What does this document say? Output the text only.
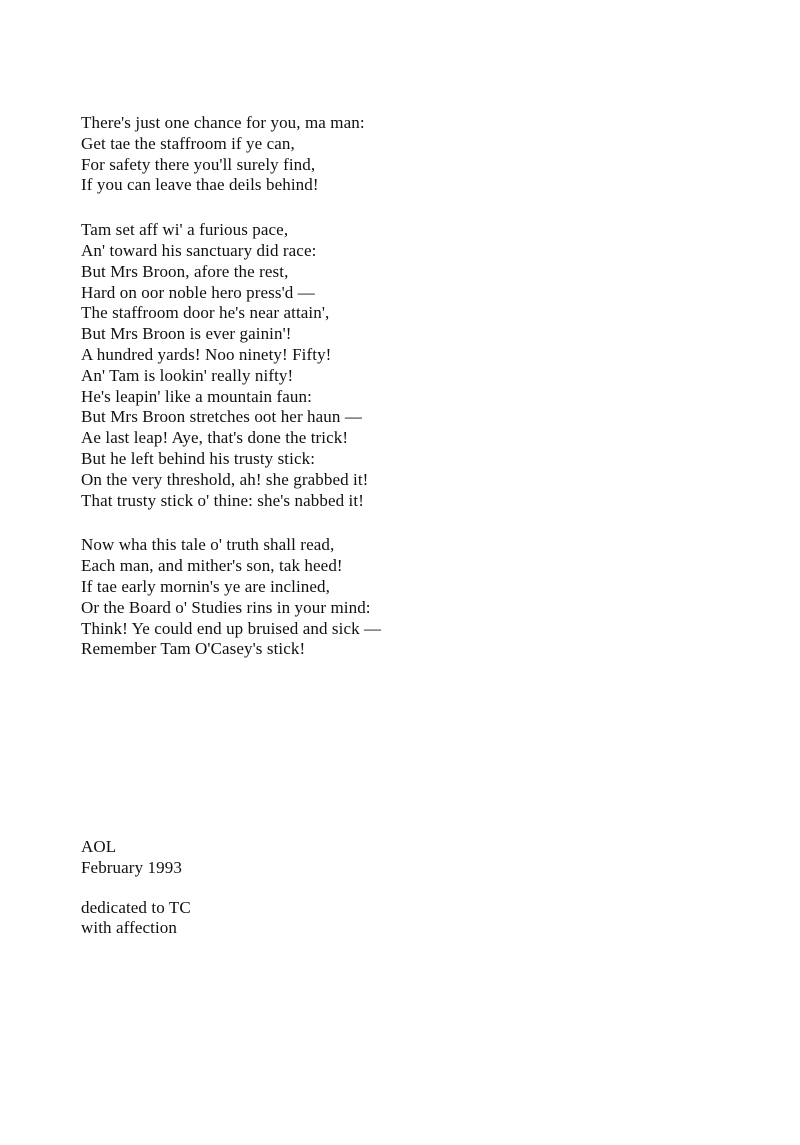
There's just one chance for you, ma man:
Get tae the staffroom if ye can,
For safety there you'll surely find,
If you can leave thae deils behind!
Tam set aff wi' a furious pace,
An' toward his sanctuary did race:
But Mrs Broon, afore the rest,
Hard on oor noble hero press'd —
The staffroom door he's near attain',
But Mrs Broon is ever gainin'!
A hundred yards! Noo ninety! Fifty!
An' Tam is lookin' really nifty!
He's leapin' like a mountain faun:
But Mrs Broon stretches oot her haun —
Ae last leap! Aye, that's done the trick!
But he left behind his trusty stick:
On the very threshold, ah! she grabbed it!
That trusty stick o' thine: she's nabbed it!
Now wha this tale o' truth shall read,
Each man, and mither's son, tak heed!
If tae early mornin's ye are inclined,
Or the Board o' Studies rins in your mind:
Think! Ye could end up bruised and sick —
Remember Tam O'Casey's stick!
AOL
February 1993
dedicated to TC
with affection
